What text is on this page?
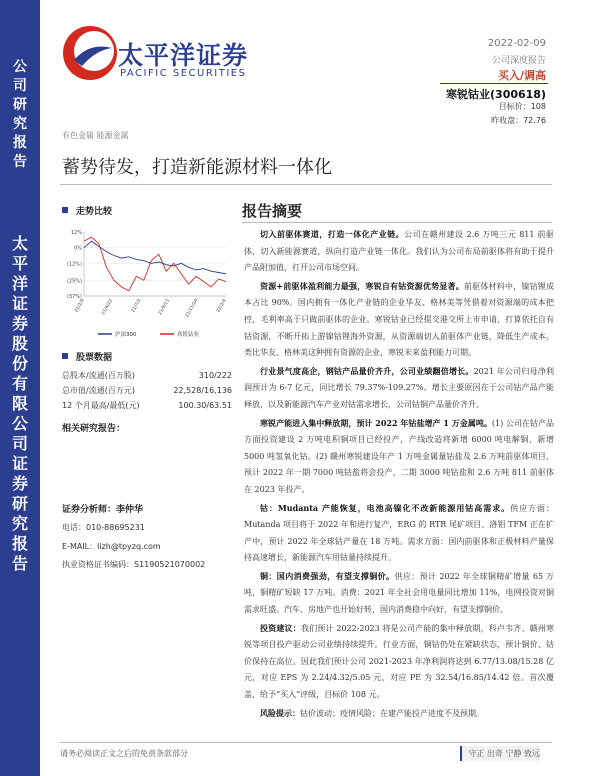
公
司
研
究
报
告
太
平
洋
证
券
股
份
有
限
公
司
证
券
研
究
报
告
太平洋证券
PACIFIC SECURITIES
2022-02-09
公司深度报告
买入/调高
寒锐钴业(300618)
目标价：108
昨收盘：72.76
有色金属 能源金属
蓄势待发，打造新能源材料一体化
走势比较
12%
0%
(12%)
(25%)
(37%)
21/2/9	21/4/22	21/7/3	21/9/13	21/11/24	22/2/4
沪深300	寒锐钴业
股票数据
总股本/流通(百万股)	310/222
总市值/流通(百万元)	22,528/16,136
12 个月最高/最低(元)	100.30/63.51
相关研究报告：
证券分析师：李仲华
电话：010-88695231
E-MAIL：lizh@tpyzq.com
执业资格证书编码：S1190521070002
报告摘要

切入前驱体赛道，打造一体化产业链。公司在赣州建设 2.6 万吨三元 811 前驱体，切入新能源赛道，纵向打造产业链一体化。我们认为公司布局前驱体将有助于提升产品附加值，打开公司市场空间。

资源+前驱体盈利能力最强，寒锐自有钴资源优势显著。前驱体材料中，镍钴锂成本占比 90%。国内拥有一体化产业链的企业华友、格林美等凭借着对资源端的成本把控，毛利率高于只做前驱体的企业。寒锐钴业已经提交港交所上市申请，打算依托自有钴资源，不断开拓上游镍钴锂海外资源，从资源端切入前驱体产业链，降低生产成本。类比华友、格林美这种拥有资源的企业，寒锐未来盈利能力可期。

行业景气度高企，钢钴产品量价齐升，公司业绩翻倍增长。2021 年公司归母净利润预计为 6-7 亿元，同比增长 79.37%-109.27%。增长主要原因在于公司钴产品产能释放，以及新能源汽车产业对钴需求增长，公司钴铜产品量价齐升。

寒锐产能进入集中释放期，预计 2022 年钴盐增产 1 万金属吨。(1) 公司在钴产品方面投资建设 2 万吨电积铜项目已经投产，产线改造将新增 6000 吨电解铜，新增 5000 吨氢氧化钴。(2) 赣州寒锐建设年产 1 万吨金属量钴盐及 2.6 万吨前驱体项目，预计 2022 年一期 7000 吨钴盐将会投产，二期 3000 吨钴盐和 2.6 万吨 811 前驱体在 2023 年投产。

钴：Mudanta 产能恢复，电池高镍化不改新能源用钴高需求。供应方面：Mutanda 项目将于 2022 年和进行复产，ERG 的 RTR 尾矿项目、洛钼 TFM 正在扩产中，预计 2022 年全球钴产量在 18 万吨。需求方面：国内前驱体和正极材料产量保持高速增长，新能源汽车用钴量持续提升。

铜：国内消费强劲，有望支撑铜价。供应：预计 2022 年全球铜精矿增量 65 万吨，铜精矿短缺 17 万吨。消费：2021 年全社会用电量同比增加 11%，电网投资对铜需求旺盛。汽车、房地产也开始好转，国内消费稳中向好，有望支撑铜价。

投资建议：我们预计 2022-2023 将是公司产能的集中释放期，科卢韦齐、赣州寒锐等项目投产驱动公司业绩持续提升。行业方面，铜钴仍处在紧缺状态，预计铜价、钴价保持在高位。因此我们预计公司 2021-2023 年净利润将达到 6.77/13.08/15.28 亿元，对应 EPS 为 2.24/4.32/5.05 元，对应 PE 为 32.54/16.85/14.42 倍。首次覆盖，给予“买入”评级，目标价 108 元。

风险提示：钴价波动；疫情风险；在建产能投产进度不及预期。

请务必阅读正文之后的免责条款部分	守正 出奇 宁静 致远
